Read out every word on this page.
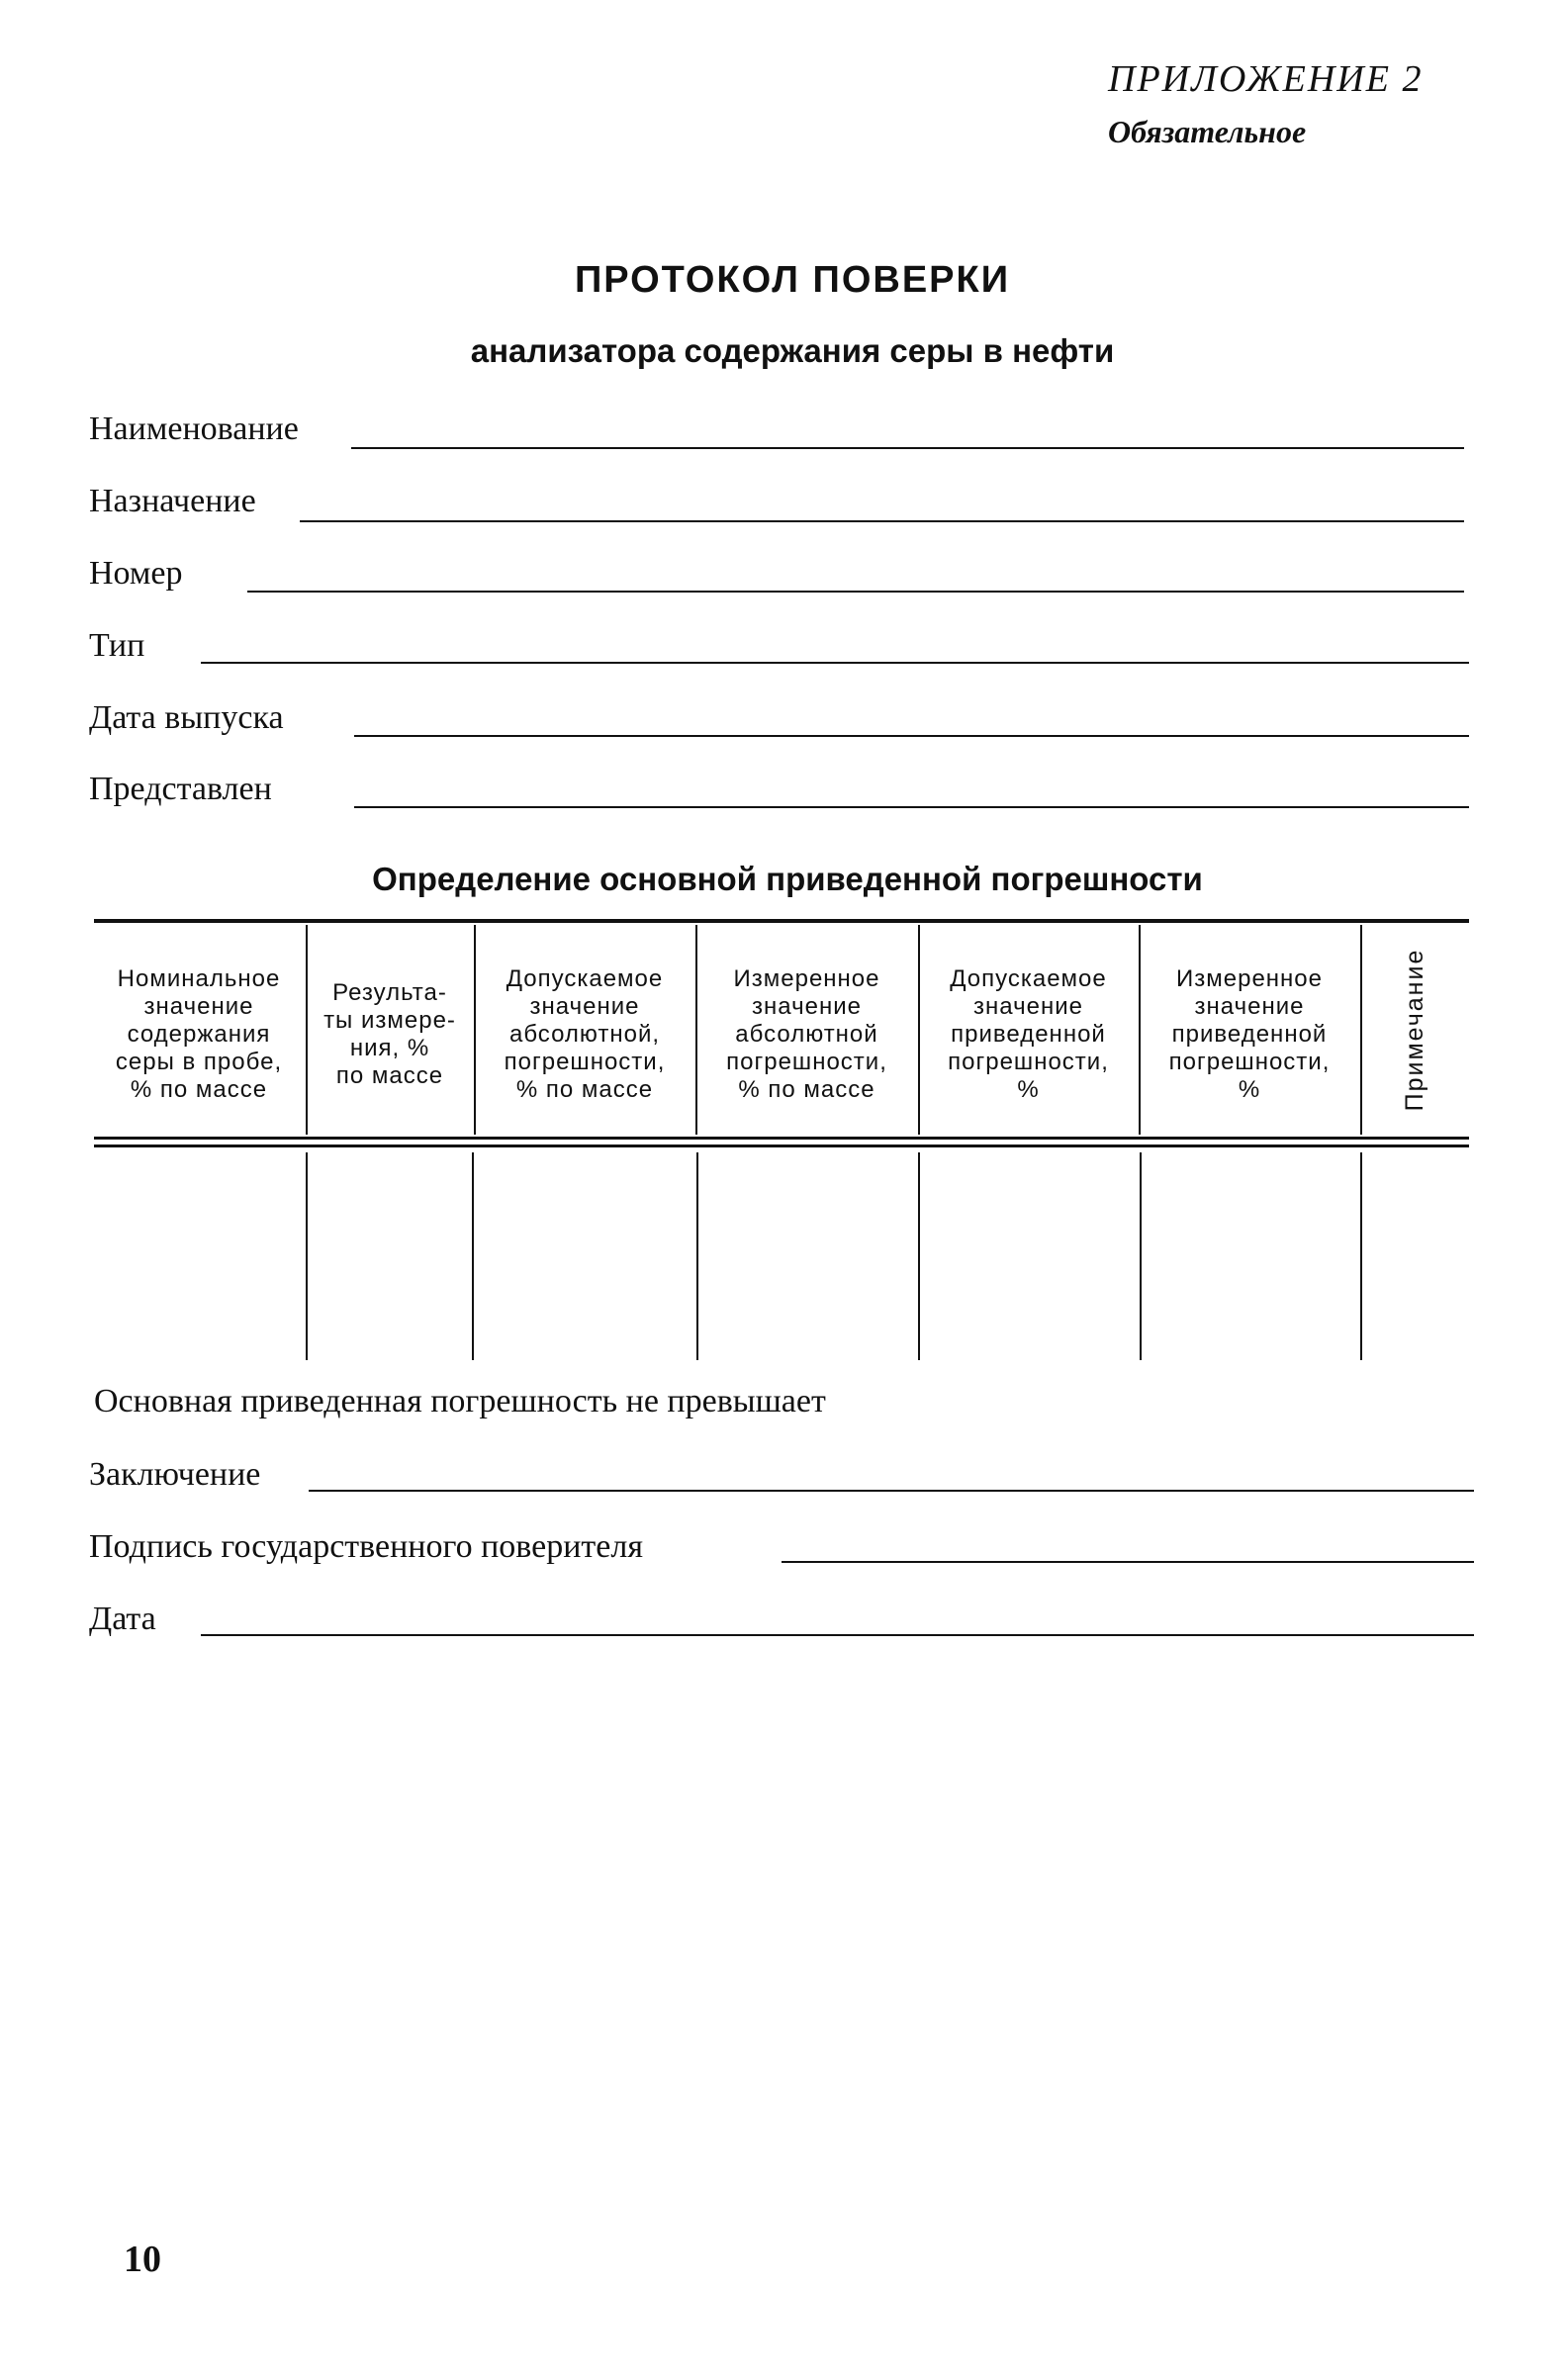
ПРИЛОЖЕНИЕ 2
Обязательное
ПРОТОКОЛ ПОВЕРКИ
анализатора содержания серы в нефти
Наименование
Назначение
Номер
Тип
Дата выпуска
Представлен
Определение основной приведенной погрешности
Номинальное
значение
содержания
серы в пробе,
% по массе
Результа-
ты измере-
ния, %
по массе
Допускаемое
значение
абсолютной,
погрешности,
% по массе
Измеренное
значение
абсолютной
погрешности,
% по массе
Допускаемое
значение
приведенной
погрешности,
%
Измеренное
значение
приведенной
погрешности,
%	Примечание
Основная приведенная погрешность не превышает
Заключение
Подпись государственного поверителя
Дата
10
